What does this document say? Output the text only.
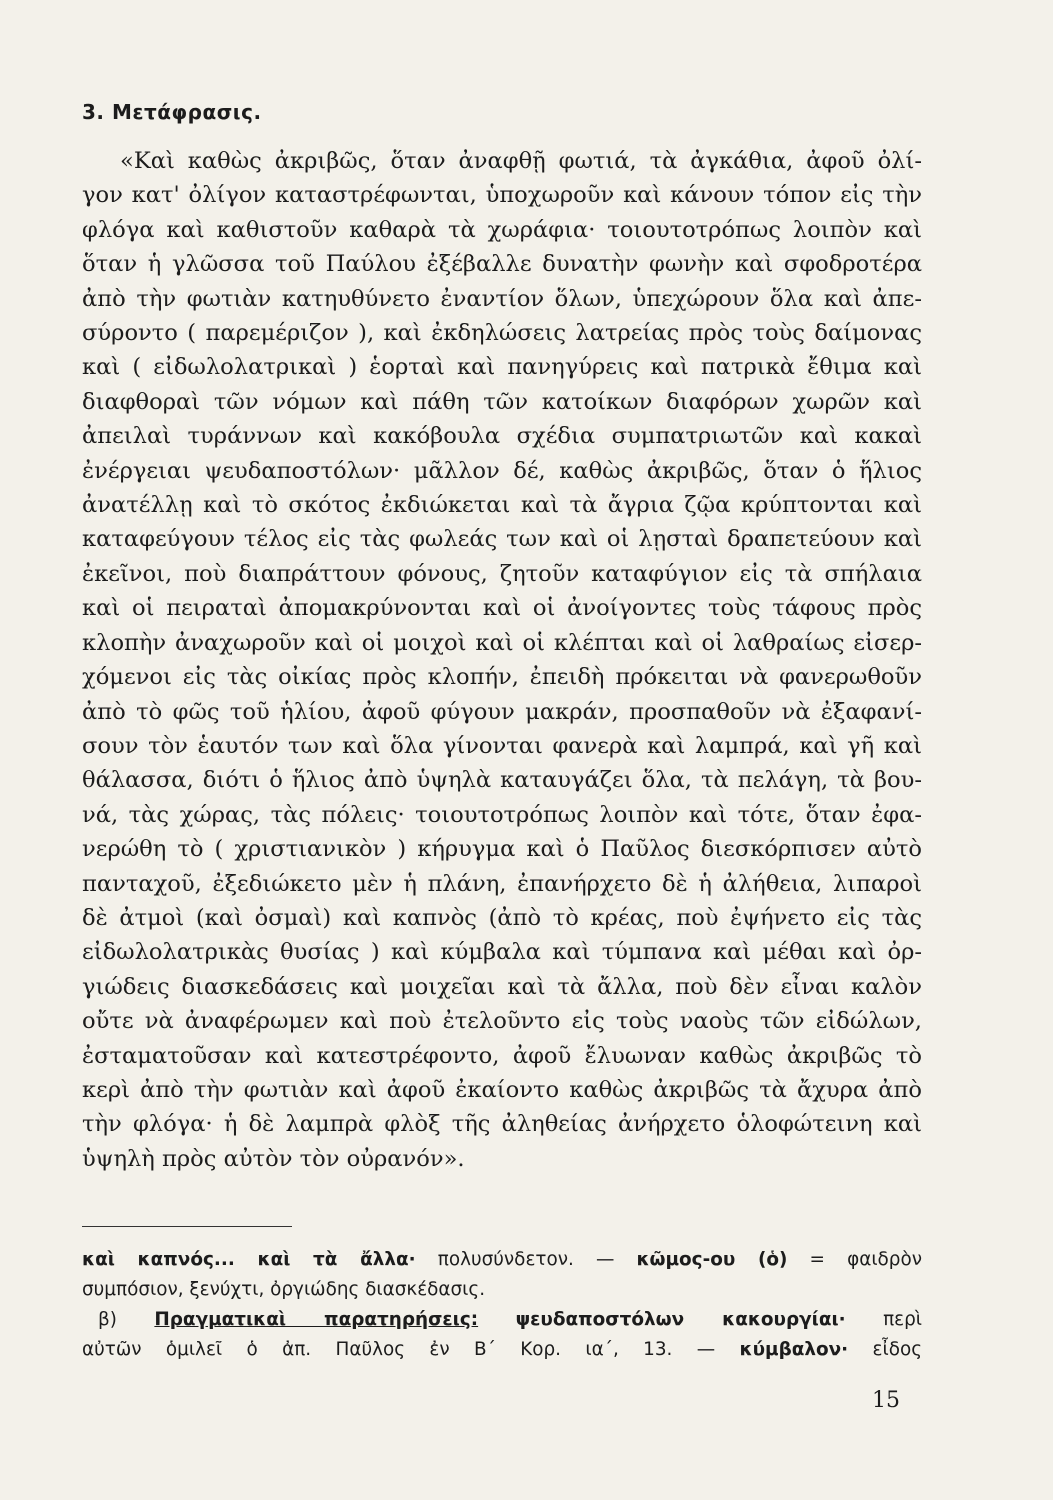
3. Μετάφρασις.
«Καὶ καθὼς ἀκριβῶς, ὅταν ἀναφθῇ φωτιά, τὰ ἀγκάθια, ἀφοῦ ὀλί-
γον κατ' ὀλίγον καταστρέφωνται, ὑποχωροῦν καὶ κάνουν τόπον εἰς τὴν
φλόγα καὶ καθιστοῦν καθαρὰ τὰ χωράφια· τοιουτοτρόπως λοιπὸν καὶ
ὅταν ἡ γλῶσσα τοῦ Παύλου ἐξέβαλλε δυνατὴν φωνὴν καὶ σφοδροτέρα
ἀπὸ τὴν φωτιὰν κατηυθύνετο ἐναντίον ὅλων, ὑπεχώρουν ὅλα καὶ ἀπε-
σύροντο ( παρεμέριζον ), καὶ ἐκδηλώσεις λατρείας πρὸς τοὺς δαίμονας
καὶ ( εἰδωλολατρικαὶ ) ἑορταὶ καὶ πανηγύρεις καὶ πατρικὰ ἔθιμα καὶ
διαφθοραὶ τῶν νόμων καὶ πάθη τῶν κατοίκων διαφόρων χωρῶν καὶ
ἀπειλαὶ τυράννων καὶ κακόβουλα σχέδια συμπατριωτῶν καὶ κακαὶ
ἐνέργειαι ψευδαποστόλων· μᾶλλον δέ, καθὼς ἀκριβῶς, ὅταν ὁ ἥλιος
ἀνατέλλῃ καὶ τὸ σκότος ἐκδιώκεται καὶ τὰ ἄγρια ζῷα κρύπτονται καὶ
καταφεύγουν τέλος εἰς τὰς φωλεάς των καὶ οἱ λῃσταὶ δραπετεύουν καὶ
ἐκεῖνοι, ποὺ διαπράττουν φόνους, ζητοῦν καταφύγιον εἰς τὰ σπήλαια
καὶ οἱ πειραταὶ ἀπομακρύνονται καὶ οἱ ἀνοίγοντες τοὺς τάφους πρὸς
κλοπὴν ἀναχωροῦν καὶ οἱ μοιχοὶ καὶ οἱ κλέπται καὶ οἱ λαθραίως εἰσερ-
χόμενοι εἰς τὰς οἰκίας πρὸς κλοπήν, ἐπειδὴ πρόκειται νὰ φανερωθοῦν
ἀπὸ τὸ φῶς τοῦ ἡλίου, ἀφοῦ φύγουν μακράν, προσπαθοῦν νὰ ἐξαφανί-
σουν τὸν ἑαυτόν των καὶ ὅλα γίνονται φανερὰ καὶ λαμπρά, καὶ γῆ καὶ
θάλασσα, διότι ὁ ἥλιος ἀπὸ ὑψηλὰ καταυγάζει ὅλα, τὰ πελάγη, τὰ βου-
νά, τὰς χώρας, τὰς πόλεις· τοιουτοτρόπως λοιπὸν καὶ τότε, ὅταν ἐφα-
νερώθη τὸ ( χριστιανικὸν ) κήρυγμα καὶ ὁ Παῦλος διεσκόρπισεν αὐτὸ
πανταχοῦ, ἐξεδιώκετο μὲν ἡ πλάνη, ἐπανήρχετο δὲ ἡ ἀλήθεια, λιπαροὶ
δὲ ἀτμοὶ (καὶ ὀσμαὶ) καὶ καπνὸς (ἀπὸ τὸ κρέας, ποὺ ἐψήνετο εἰς τὰς
εἰδωλολατρικὰς θυσίας ) καὶ κύμβαλα καὶ τύμπανα καὶ μέθαι καὶ ὀρ-
γιώδεις διασκεδάσεις καὶ μοιχεῖαι καὶ τὰ ἄλλα, ποὺ δὲν εἶναι καλὸν
οὔτε νὰ ἀναφέρωμεν καὶ ποὺ ἐτελοῦντο εἰς τοὺς ναοὺς τῶν εἰδώλων,
ἐσταματοῦσαν καὶ κατεστρέφοντο, ἀφοῦ ἔλυωναν καθὼς ἀκριβῶς τὸ
κερὶ ἀπὸ τὴν φωτιὰν καὶ ἀφοῦ ἐκαίοντο καθὼς ἀκριβῶς τὰ ἄχυρα ἀπὸ
τὴν φλόγα· ἡ δὲ λαμπρὰ φλὸξ τῆς ἀληθείας ἀνήρχετο ὁλοφώτεινη καὶ
ὑψηλὴ πρὸς αὐτὸν τὸν οὐρανόν».
καὶ καπνός... καὶ τὰ ἄλλα· πολυσύνδετον. — κῶμος-ου (ὁ) = φαιδρὸν
συμπόσιον, ξενύχτι, ὀργιώδης διασκέδασις.
β) Πραγματικαὶ παρατηρήσεις: ψευδαποστόλων κακουργίαι· περὶ
αὐτῶν ὁμιλεῖ ὁ ἀπ. Παῦλος ἐν Β΄ Κορ. ια΄, 13. — κύμβαλον· εἶδος
15
